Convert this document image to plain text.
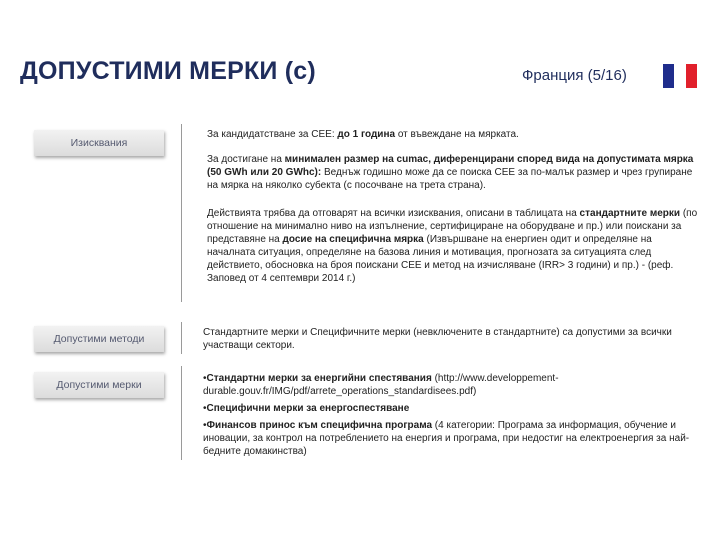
ДОПУСТИМИ МЕРКИ (с)	Франция (5/16)
Изисквания
За кандидатстване за СЕЕ: до 1 година от въвеждане на мярката.
За достигане на минимален размер на cumac, диференцирани според вида на допустимата мярка (50 GWh или 20 GWhc): Веднъж годишно може да се поиска СЕЕ за по-малък размер и чрез групиране на мярка на няколко субекта (с посочване на трета страна).
Действията трябва да отговарят на всички изисквания, описани в таблицата на стандартните мерки (по отношение на минимално ниво на изпълнение, сертифициране на оборудване и пр.) или поискани за представяне на досие на специфична мярка (Извършване на енергиен одит и определяне на началната ситуация, определяне на базова линия и мотивация, прогнозата за ситуацията след действието, обосновка на броя поискани СЕЕ и метод на изчисляване (IRR> 3 години) и пр.) - (реф. Заповед от 4 септември 2014 г.)
Допустими методи
Стандартните мерки и Специфичните мерки (невключените в стандартните) са допустими за всички участващи сектори.
Допустими мерки
• Стандартни мерки за енергийни спестявания (http://www.developpement-durable.gouv.fr/IMG/pdf/arrete_operations_standardisees.pdf)
• Специфични мерки за енергоспестяване
• Финансов принос към специфична програма (4 категории: Програма за информация, обучение и иновации, за контрол на потреблението на енергия и програма, при недостиг на електроенергия за най-бедните домакинства)
